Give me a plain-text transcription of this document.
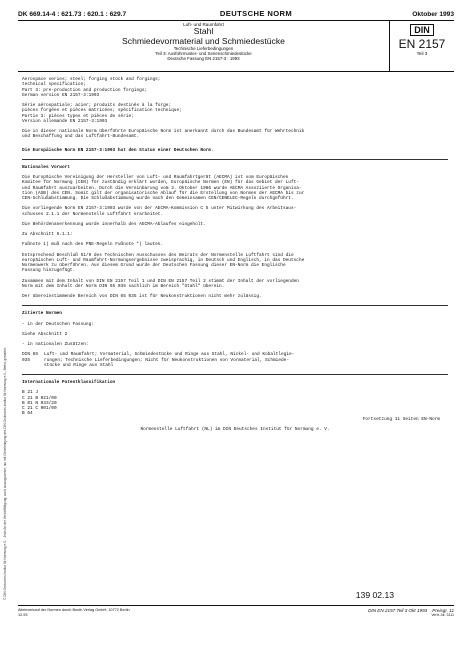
© DIN Deutsches Institut für Normung e.V. · Jede Art der Vervielfältigung, auch auszugsweise, nur mit Genehmigung des DIN Deutsches Institut für Normung e.V., Berlin, gestattet.
DK 669.14-4 : 621.73 : 620.1 : 629.7	DEUTSCHE NORM	Oktober 1993
Luft- und Raumfahrt
Stahl
Schmiedevormaterial und Schmiedestücke
Technische Lieferbedingungen
Teil 3: Ausführmuster- und Serienschmiedestücke
Deutsche Fassung EN 2157-3 : 1993
DIN
EN 2157
Teil 3

Aerospace series; steel; forging stock and forgings;

technical specification;

Part 3: pre-production and production forgings;

German version EN 2157-3:1993

Série aérospatiale; acier; produits destinés à la forge;

pièces forgées et pièces matricées; spécification technique;

Partie 3: pièces types et pièces de série;

Version allemande EN 2157-3:1993

Die in dieser nationale Norm überführte Europäische Norm ist anerkannt durch das Bundesamt für Wehrtechnik
und Beschaffung und das Luftfahrt-Bundesamt.

Die Europäische Norm EN 2157-3:1993 hat den Status einer Deutschen Norm.

Nationales Vorwort

Die Europäische Vereinigung der Hersteller von Luft- und Raumfahrtgerät (AECMA) ist vom Europäischen
Komitee für Normung (CEN) für zuständig erklärt worden, Europäische Normen (EN) für das Gebiet der Luft-
und Raumfahrt auszuarbeiten. Durch die Vereinbarung vom 3. Oktober 1986 wurde AECMA Assoziierte Organisa-
tion (ASB) des CEN. Somit gilt der organisatorische Ablauf für die Erstellung von Normen der AECMA bis zur
CEN-Schlußabstimmung. Die Schlußabstimmung wurde nach den Gemeinsamen CEN/CENELEC-Regeln durchgeführt.

Die vorliegende Norm EN 2157-3:1993 wurde von der AECMA-Kommission C 5 unter Mitwirkung des Arbeitsaus-
schusses 2.1.1 der Normenstelle Luftfahrt erarbeitet.

Die Behördenanerkennung wurde innerhalb des AECMA-Ablaufes eingeholt.

Zu Abschnitt 5.1.1:

Fußnote 1) muß nach den PNE-Regeln Fußnote *) lauten.

Entsprechend Beschluß 51/9 des Technischen Ausschusses des Beirats der Normenstelle Luftfahrt sind die
europäischen Luft- und Raumfahrt-Normungsergebnisse zweisprachig, in Deutsch und Englisch, in das Deutsche
Normenwerk zu überführen. Aus diesem Grund wurde der Deutschen Fassung dieser EN-Norm die Englische
Fassung hinzugefügt.

Zusammen mit dem Inhalt von DIN EN 2157 Teil 1 und DIN EN 2157 Teil 2 stimmt der Inhalt der vorliegenden
Norm mit dem Inhalt der Norm DIN 65 035 sachlich im Bereich "Stahl" überein.

Der übereinstimmende Bereich von DIN 65 035 ist für Neukonstruktionen nicht mehr zulässig.

Zitierte Normen

- in der Deutschen Fassung:

Siehe Abschnitt 2

- in nationalen Zusätzen:

DIN 65 035
Luft- und Raumfahrt; Vormaterial, Schmiedestücke und Ringe aus Stahl, Nickel- und Kobaltlegie-
rungen; Technische Lieferbedingungen; Nicht für Neukonstruktionen von Vormaterial, Schmiede-
stücke und Ringe aus Stahl

Internationale Patentklassifikation

B 21 J

C 21 B 021/00

B 01 N 033/20

C 21 C 001/00

B 64

Fortsetzung 11 Seiten EN-Norm

Normenstelle Luftfahrt (NL) im DIN Deutsches Institut für Normung e. V.

139 02.13
Alleinverkauf der Normen durch Beuth Verlag GmbH, 10772 Berlin
12.93
DIN EN 2157 Teil 3 Okt 1993 Preisgr. 11
Vertr.-Nr. 3111
